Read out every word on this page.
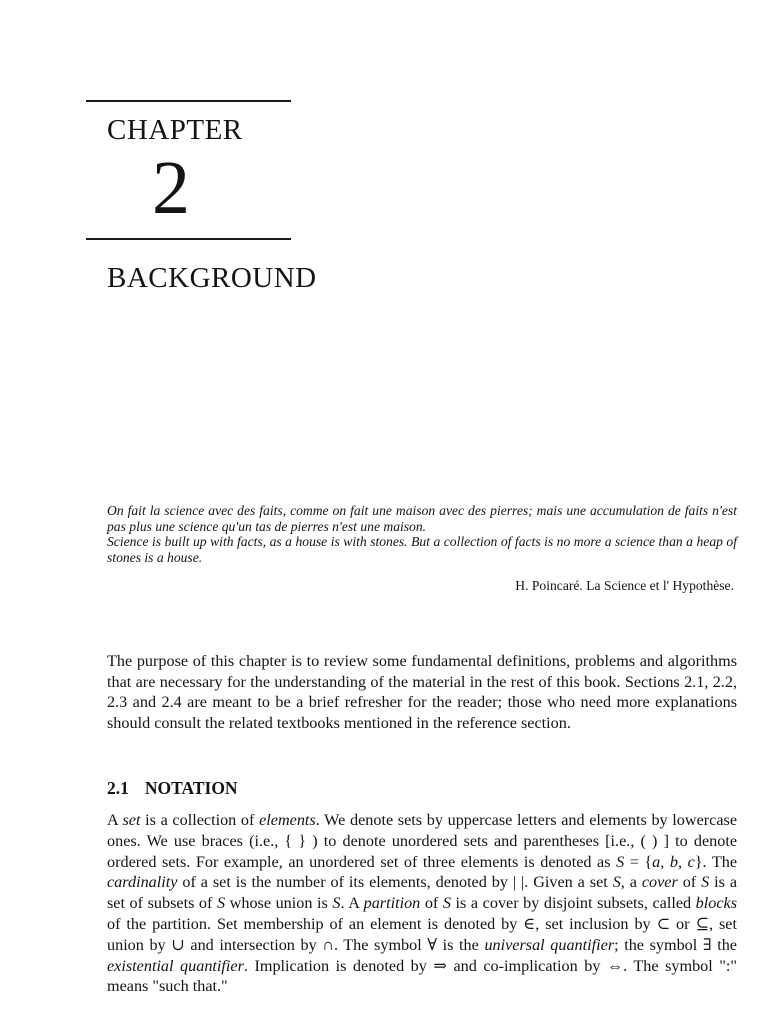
CHAPTER
2
BACKGROUND

On fait la science avec des faits, comme on fait une maison avec des pierres; mais une accumulation de faits n'est pas plus une science qu'un tas de pierres n'est une maison.

Science is built up with facts, as a house is with stones. But a collection of facts is no more a science than a heap of stones is a house.

H. Poincaré. La Science et l' Hypothèse.

The purpose of this chapter is to review some fundamental definitions, problems and algorithms that are necessary for the understanding of the material in the rest of this book. Sections 2.1, 2.2, 2.3 and 2.4 are meant to be a brief refresher for the reader; those who need more explanations should consult the related textbooks mentioned in the reference section.

2.1 NOTATION

A set is a collection of elements. We denote sets by uppercase letters and elements by lowercase ones. We use braces (i.e., { } ) to denote unordered sets and parentheses [i.e., ( ) ] to denote ordered sets. For example, an unordered set of three elements is denoted as S = {a, b, c}. The cardinality of a set is the number of its elements, denoted by | |. Given a set S, a cover of S is a set of subsets of S whose union is S. A partition of S is a cover by disjoint subsets, called blocks of the partition. Set membership of an element is denoted by ∈, set inclusion by ⊂ or ⊆, set union by ∪ and intersection by ∩. The symbol ∀ is the universal quantifier; the symbol ∃ the existential quantifier. Implication is denoted by ⇒ and co-implication by ⇔. The symbol ":" means "such that."
